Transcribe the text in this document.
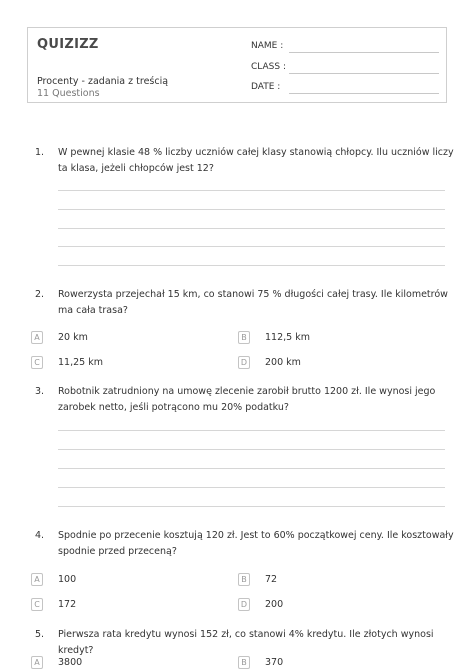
QUIZIZZ
Procenty - zadania z treścią
11 Questions
NAME :
CLASS :
DATE :
1. W pewnej klasie 48 % liczby uczniów całej klasy stanowią chłopcy. Ilu uczniów liczy ta klasa, jeżeli chłopców jest 12?
2. Rowerzysta przejechał 15 km, co stanowi 75 % długości całej trasy. Ile kilometrów ma cała trasa?
A	20 km	B	112,5 km
C	11,25 km	D	200 km
3. Robotnik zatrudniony na umowę zlecenie zarobił brutto 1200 zł. Ile wynosi jego zarobek netto, jeśli potrącono mu 20% podatku?
4. Spodnie po przecenie kosztują 120 zł. Jest to 60% początkowej ceny. Ile kosztowały spodnie przed przeceną?
A	100	B	72
C	172	D	200
5. Pierwsza rata kredytu wynosi 152 zł, co stanowi 4% kredytu. Ile złotych wynosi kredyt?
A	3800	B	370
